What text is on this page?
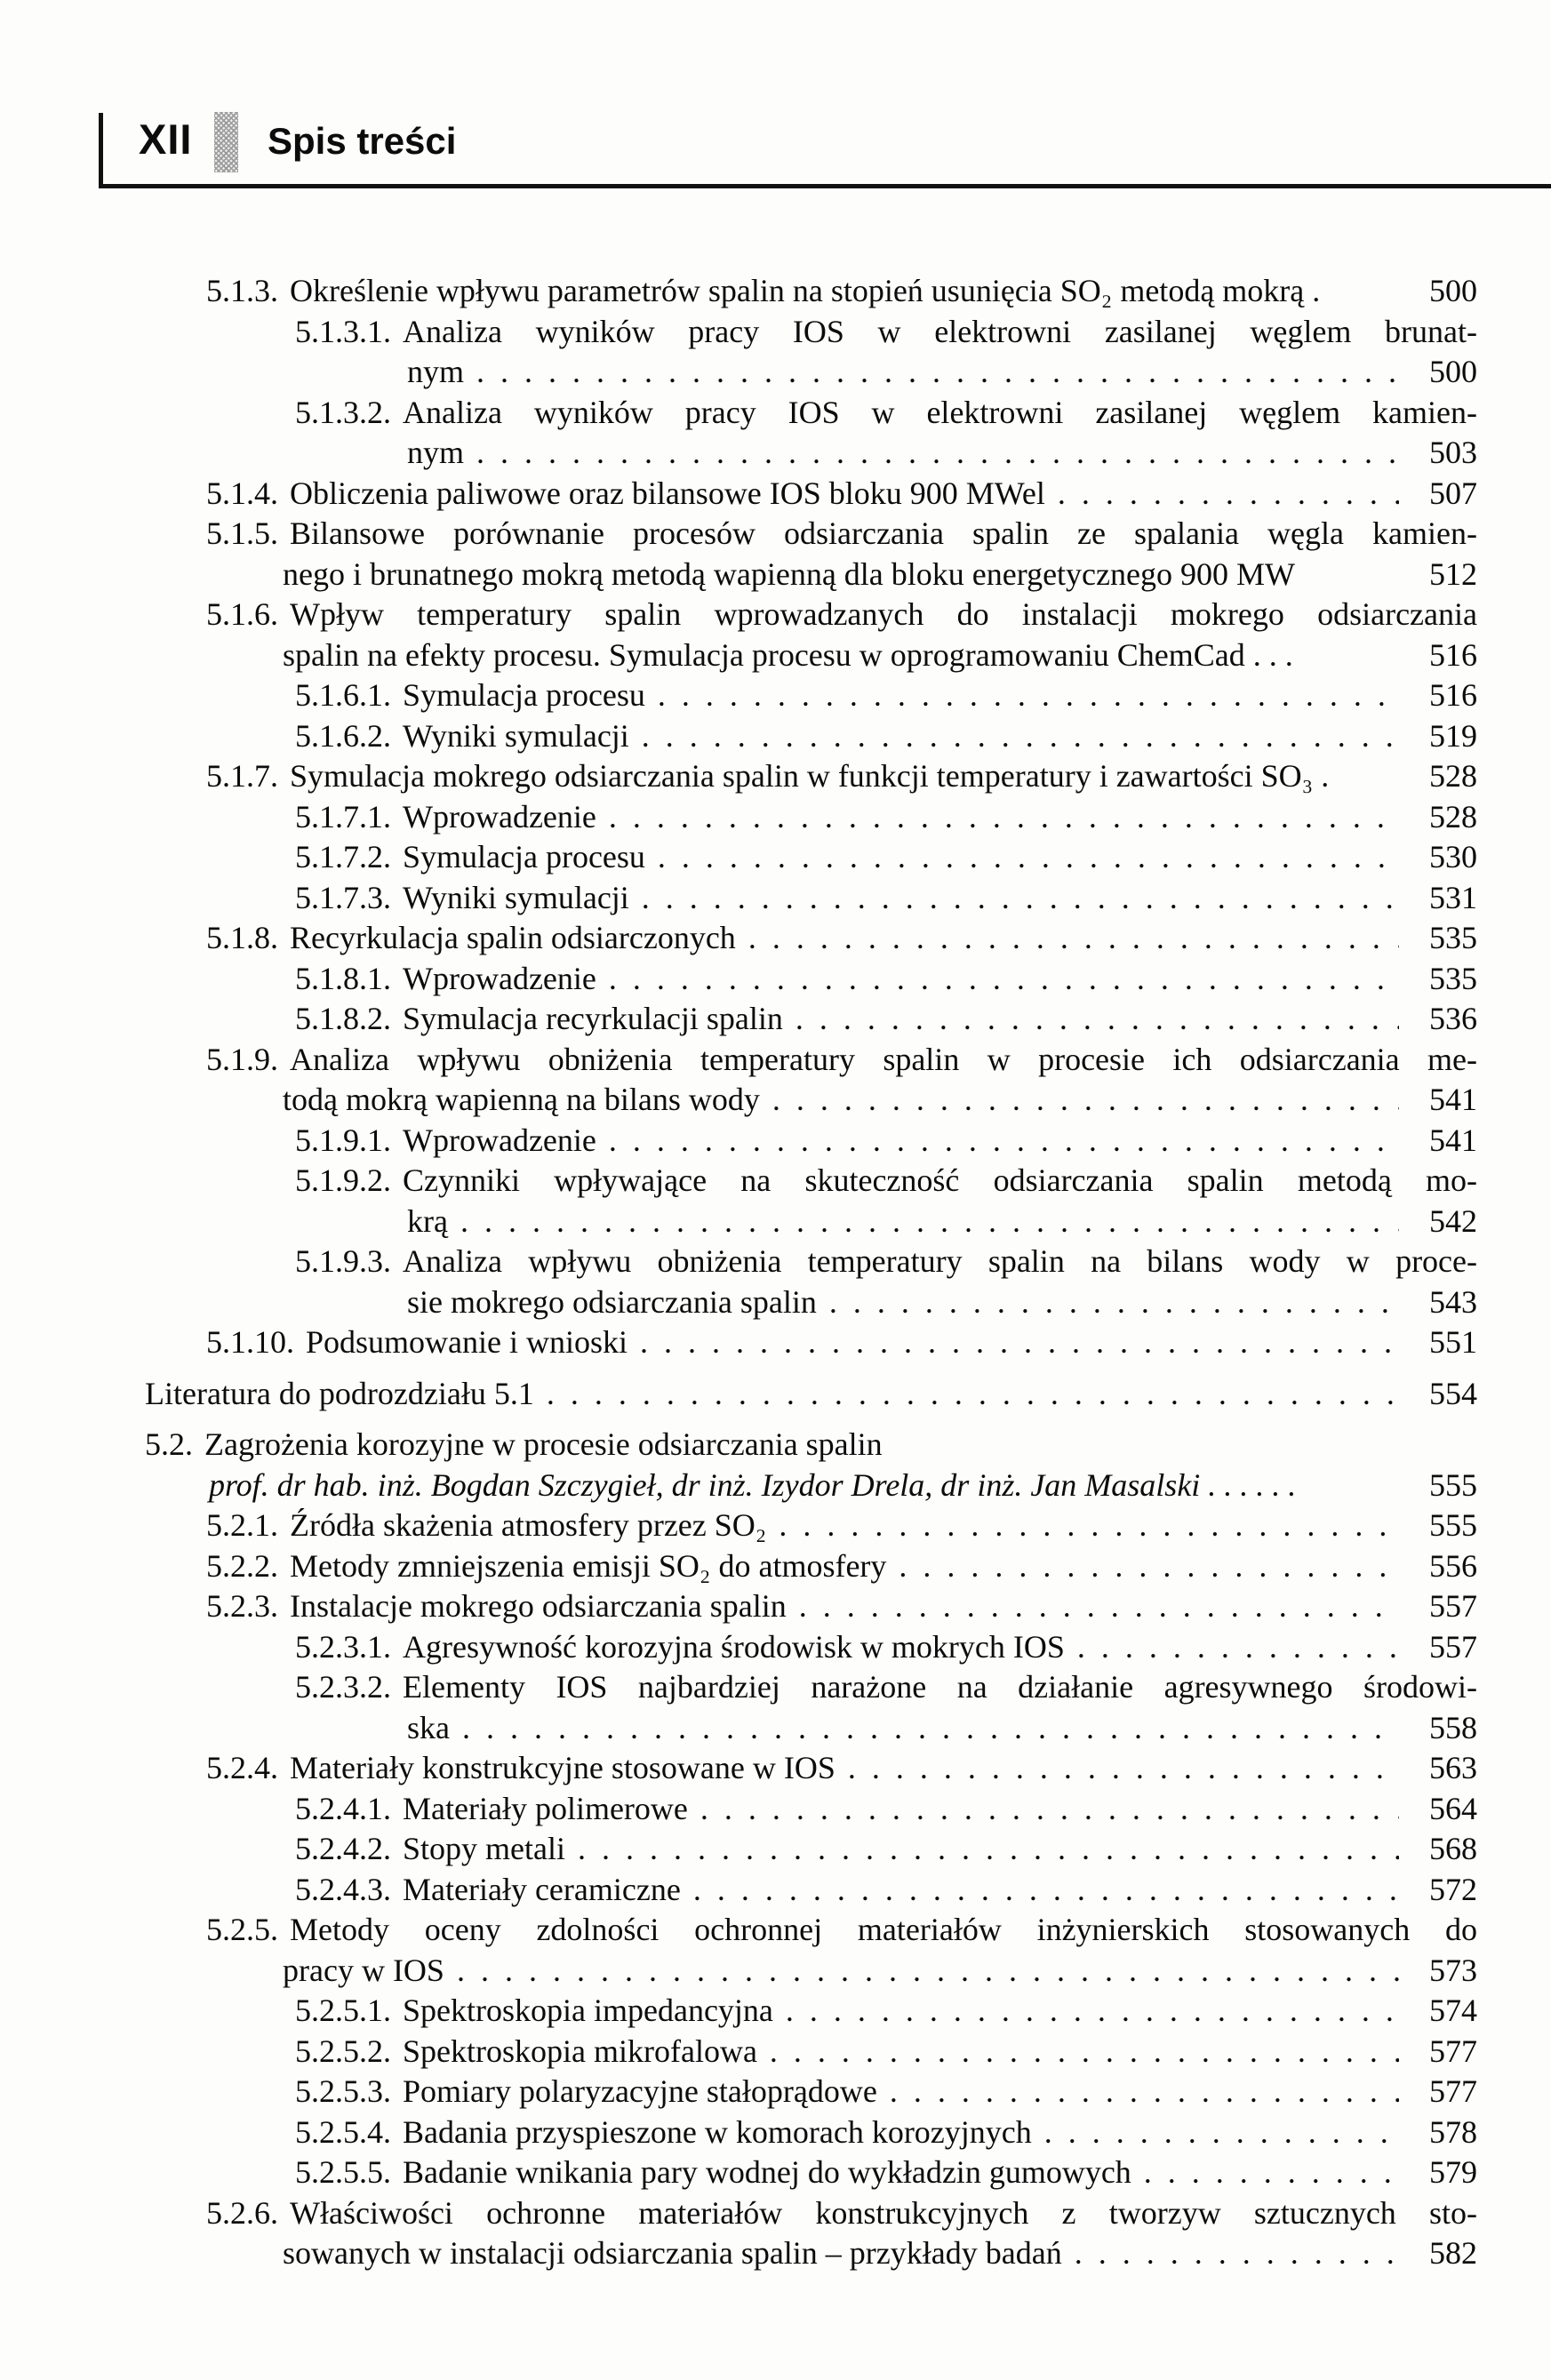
XII Spis treści
5.1.3. Określenie wpływu parametrów spalin na stopień usunięcia SO₂ metodą mokrą .	500
5.1.3.1. Analiza wyników pracy IOS w elektrowni zasilanej węglem brunat-
nym . . .	500
5.1.3.2. Analiza wyników pracy IOS w elektrowni zasilanej węglem kamien-
nym . . .	503
5.1.4. Obliczenia paliwowe oraz bilansowe IOS bloku 900 MWel . . .	507
5.1.5. Bilansowe porównanie procesów odsiarczania spalin ze spalania węgla kamien-
nego i brunatnego mokrą metodą wapienną dla bloku energetycznego 900 MW	512
5.1.6. Wpływ temperatury spalin wprowadzanych do instalacji mokrego odsiarczania
spalin na efekty procesu. Symulacja procesu w oprogramowaniu ChemCad . . .	516
5.1.6.1. Symulacja procesu . . .	516
5.1.6.2. Wyniki symulacji . . .	519
5.1.7. Symulacja mokrego odsiarczania spalin w funkcji temperatury i zawartości SO₃ .	528
5.1.7.1. Wprowadzenie . . .	528
5.1.7.2. Symulacja procesu . . .	530
5.1.7.3. Wyniki symulacji . . .	531
5.1.8. Recyrkulacja spalin odsiarczonych . . .	535
5.1.8.1. Wprowadzenie . . .	535
5.1.8.2. Symulacja recyrkulacji spalin . . .	536
5.1.9. Analiza wpływu obniżenia temperatury spalin w procesie ich odsiarczania me-
todą mokrą wapienną na bilans wody . . .	541
5.1.9.1. Wprowadzenie . . .	541
5.1.9.2. Czynniki wpływające na skuteczność odsiarczania spalin metodą mo-
krą . . .	542
5.1.9.3. Analiza wpływu obniżenia temperatury spalin na bilans wody w proce-
sie mokrego odsiarczania spalin . . .	543
5.1.10. Podsumowanie i wnioski . . .	551
Literatura do podrozdziału 5.1 . . .	554
5.2. Zagrożenia korozyjne w procesie odsiarczania spalin
prof. dr hab. inż. Bogdan Szczygieł, dr inż. Izydor Drela, dr inż. Jan Masalski . . . . . .	555
5.2.1. Źródła skażenia atmosfery przez SO₂ . . .	555
5.2.2. Metody zmniejszenia emisji SO₂ do atmosfery . . .	556
5.2.3. Instalacje mokrego odsiarczania spalin . . .	557
5.2.3.1. Agresywność korozyjna środowisk w mokrych IOS . . .	557
5.2.3.2. Elementy IOS najbardziej narażone na działanie agresywnego środowi-
ska . . .	558
5.2.4. Materiały konstrukcyjne stosowane w IOS . . .	563
5.2.4.1. Materiały polimerowe . . .	564
5.2.4.2. Stopy metali . . .	568
5.2.4.3. Materiały ceramiczne . . .	572
5.2.5. Metody oceny zdolności ochronnej materiałów inżynierskich stosowanych do
pracy w IOS . . .	573
5.2.5.1. Spektroskopia impedancyjna . . .	574
5.2.5.2. Spektroskopia mikrofalowa . . .	577
5.2.5.3. Pomiary polaryzacyjne stałoprądowe . . .	577
5.2.5.4. Badania przyspieszone w komorach korozyjnych . . .	578
5.2.5.5. Badanie wnikania pary wodnej do wykładzin gumowych . . .	579
5.2.6. Właściwości ochronne materiałów konstrukcyjnych z tworzyw sztucznych sto-
sowanych w instalacji odsiarczania spalin – przykłady badań . . .	582
